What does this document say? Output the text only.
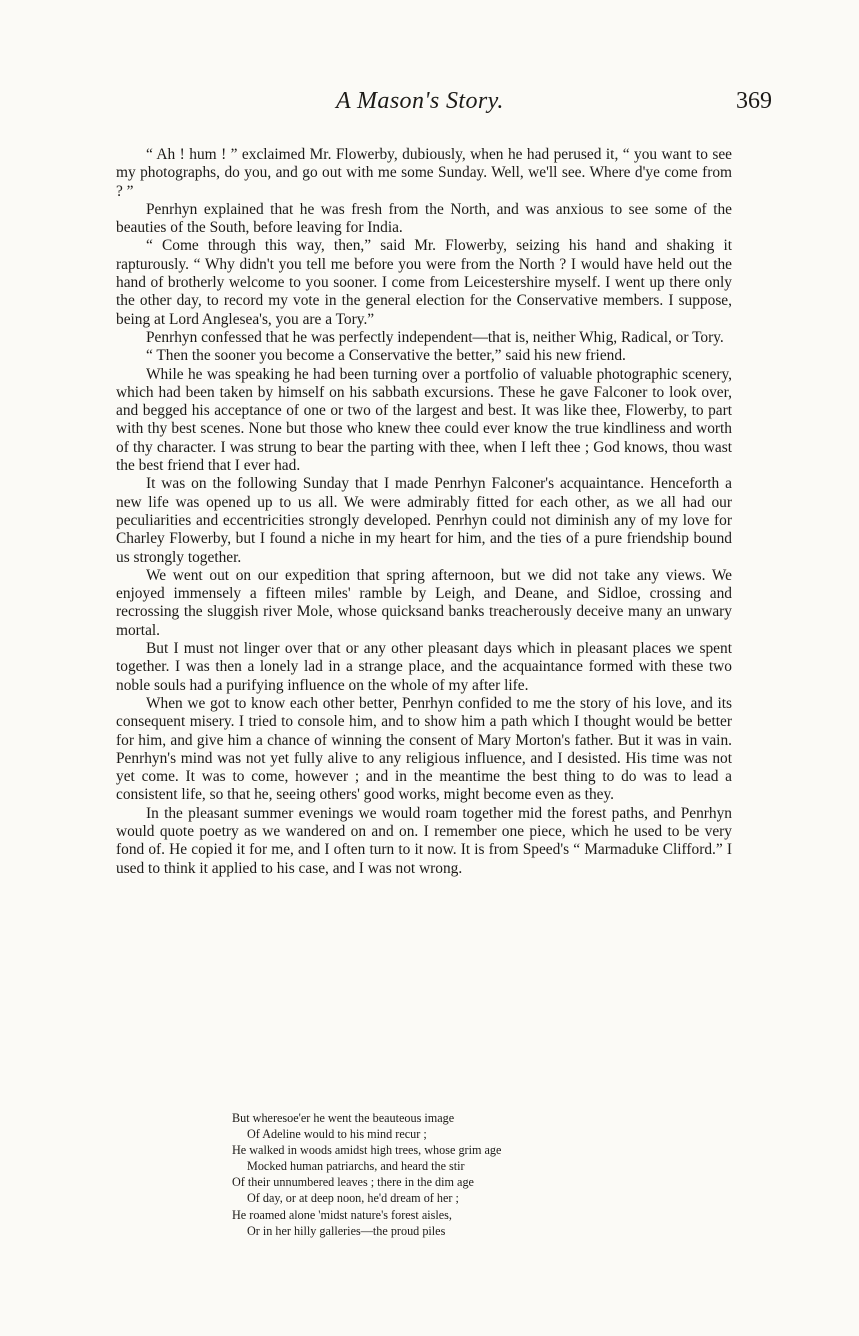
A Mason's Story.	369

“ Ah ! hum ! ” exclaimed Mr. Flowerby, dubiously, when he had perused it, “ you want to see my photographs, do you, and go out with me some Sunday. Well, we'll see. Where d'ye come from ? ”

Penrhyn explained that he was fresh from the North, and was anxious to see some of the beauties of the South, before leaving for India.

“ Come through this way, then,” said Mr. Flowerby, seizing his hand and shaking it rapturously. “ Why didn't you tell me before you were from the North ? I would have held out the hand of brotherly welcome to you sooner. I come from Leicestershire myself. I went up there only the other day, to record my vote in the general election for the Conservative members. I suppose, being at Lord Anglesea's, you are a Tory.”

Penrhyn confessed that he was perfectly independent—that is, neither Whig, Radical, or Tory.

“ Then the sooner you become a Conservative the better,” said his new friend.

While he was speaking he had been turning over a portfolio of valuable photographic scenery, which had been taken by himself on his sabbath excursions. These he gave Falconer to look over, and begged his acceptance of one or two of the largest and best. It was like thee, Flowerby, to part with thy best scenes. None but those who knew thee could ever know the true kindliness and worth of thy character. I was strung to bear the parting with thee, when I left thee ; God knows, thou wast the best friend that I ever had.

It was on the following Sunday that I made Penrhyn Falconer's acquaintance. Henceforth a new life was opened up to us all. We were admirably fitted for each other, as we all had our peculiarities and eccentricities strongly developed. Penrhyn could not diminish any of my love for Charley Flowerby, but I found a niche in my heart for him, and the ties of a pure friendship bound us strongly together.

We went out on our expedition that spring afternoon, but we did not take any views. We enjoyed immensely a fifteen miles' ramble by Leigh, and Deane, and Sidloe, crossing and recrossing the sluggish river Mole, whose quicksand banks treacherously deceive many an unwary mortal.

But I must not linger over that or any other pleasant days which in pleasant places we spent together. I was then a lonely lad in a strange place, and the acquaintance formed with these two noble souls had a purifying influence on the whole of my after life.

When we got to know each other better, Penrhyn confided to me the story of his love, and its consequent misery. I tried to console him, and to show him a path which I thought would be better for him, and give him a chance of winning the consent of Mary Morton's father. But it was in vain. Penrhyn's mind was not yet fully alive to any religious influence, and I desisted. His time was not yet come. It was to come, however ; and in the meantime the best thing to do was to lead a consistent life, so that he, seeing others' good works, might become even as they.

In the pleasant summer evenings we would roam together mid the forest paths, and Penrhyn would quote poetry as we wandered on and on. I remember one piece, which he used to be very fond of. He copied it for me, and I often turn to it now. It is from Speed's “ Marmaduke Clifford.” I used to think it applied to his case, and I was not wrong.

But wheresoe'er he went the beauteous image
Of Adeline would to his mind recur ;
He walked in woods amidst high trees, whose grim age
Mocked human patriarchs, and heard the stir
Of their unnumbered leaves ; there in the dim age
Of day, or at deep noon, he'd dream of her ;
He roamed alone 'midst nature's forest aisles,
Or in her hilly galleries—the proud piles
